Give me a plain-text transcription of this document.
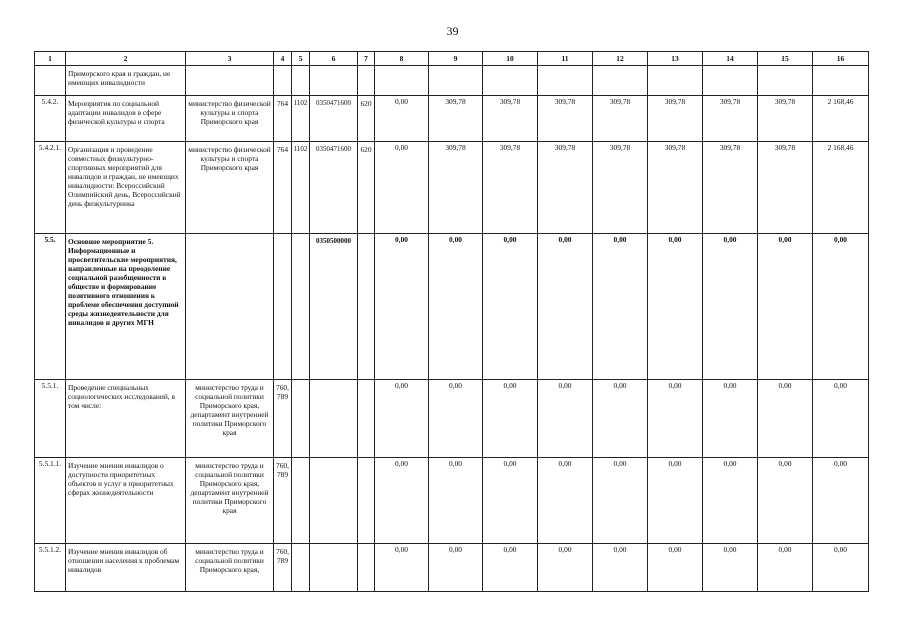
39
1	2	3	4	5	6	7	8	9	10	11	12	13	14	15	16
	Приморского края и граждан, не имеющих инвалидности														
5.4.2.	Мероприятия по социальной адаптации инвалидов в сфере физической культуры и спорта	министерство физической культуры и спорта Приморского края	764	1102	0350471600	620	0,00	309,78	309,78	309,78	309,78	309,78	309,78	309,78	2 168,46
5.4.2.1.	Организация и проведение совместных физкультурно-спортивных мероприятий для инвалидов и граждан, не имеющих инвалидности: Всероссийский Олимпийский день, Всероссийский день физкультурника	министерство физической культуры и спорта Приморского края	764	1102	0350471600	620	0,00	309,78	309,78	309,78	309,78	309,78	309,78	309,78	2 168,46
5.5.	Основное мероприятие 5. Информационные и просветительские мероприятия, направленные на преодоление социальной разобщенности в обществе и формирование позитивного отношения к проблеме обеспечения доступной среды жизнедеятельности для инвалидов и других МГН				0350500000		0,00	0,00	0,00	0,00	0,00	0,00	0,00	0,00	0,00
5.5.1.	Проведение специальных социологических исследований, в том числе:	министерство труда и социальной политики Приморского края, департамент внутренней политики Приморского края	760, 789				0,00	0,00	0,00	0,00	0,00	0,00	0,00	0,00	0,00
5.5.1.1.	Изучение мнения инвалидов о доступности приоритетных объектов и услуг в приоритетных сферах жизнедеятельности	министерство труда и социальной политики Приморского края, департамент внутренней политики Приморского края	760, 789				0,00	0,00	0,00	0,00	0,00	0,00	0,00	0,00	0,00
5.5.1.2.	Изучение мнения инвалидов об отношении населения к проблемам инвалидов	министерство труда и социальной политики Приморского края,	760, 789				0,00	0,00	0,00	0,00	0,00	0,00	0,00	0,00	0,00
